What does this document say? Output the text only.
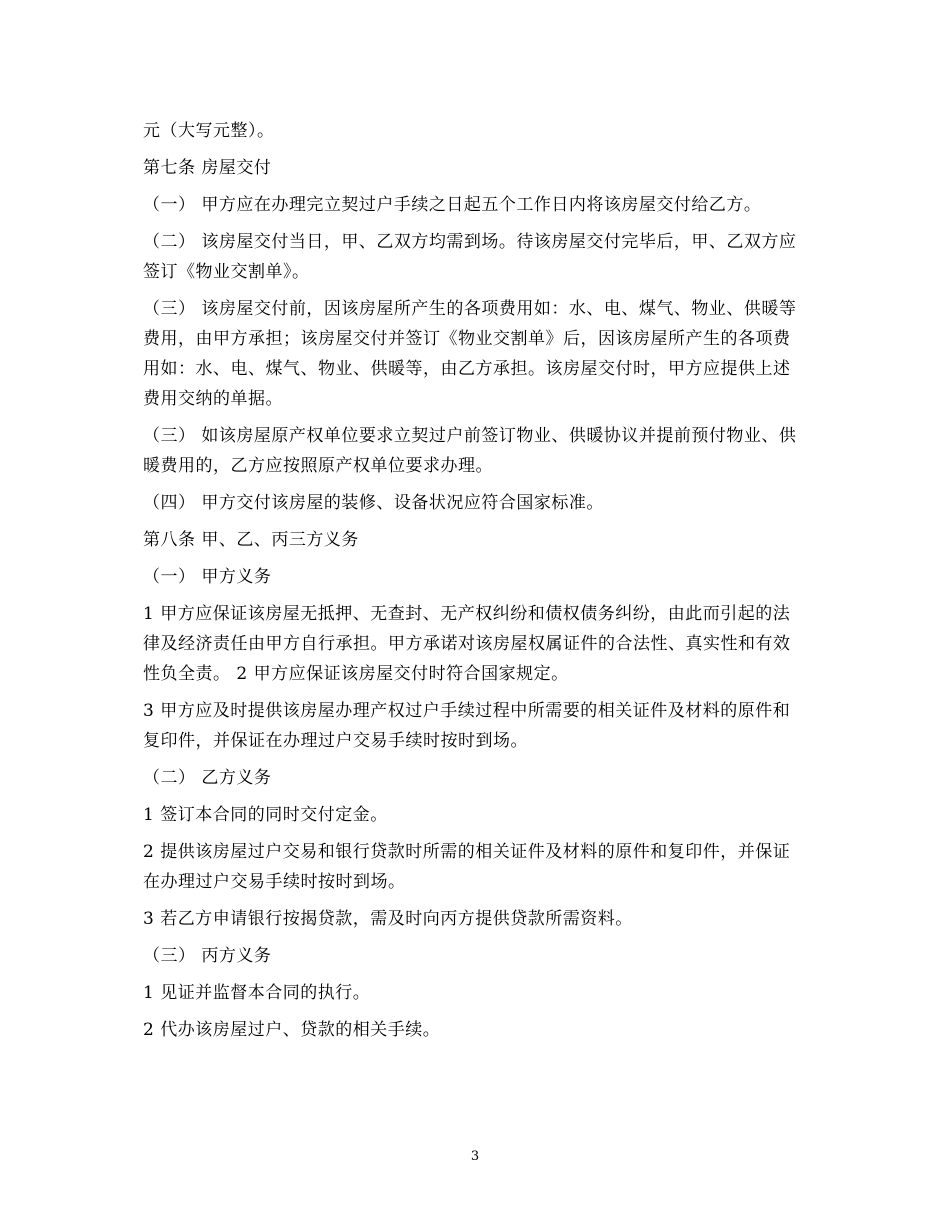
元（大写元整）。

第七条 房屋交付

（一） 甲方应在办理完立契过户手续之日起五个工作日内将该房屋交付给乙方。

（二） 该房屋交付当日，甲、乙双方均需到场。待该房屋交付完毕后，甲、乙双方应签订《物业交割单》。

（三） 该房屋交付前，因该房屋所产生的各项费用如：水、电、煤气、物业、供暖等费用，由甲方承担；该房屋交付并签订《物业交割单》后，因该房屋所产生的各项费用如：水、电、煤气、物业、供暖等，由乙方承担。该房屋交付时，甲方应提供上述费用交纳的单据。

（三） 如该房屋原产权单位要求立契过户前签订物业、供暖协议并提前预付物业、供暖费用的，乙方应按照原产权单位要求办理。

（四） 甲方交付该房屋的装修、设备状况应符合国家标准。

第八条 甲、乙、丙三方义务

（一） 甲方义务

1 甲方应保证该房屋无抵押、无查封、无产权纠纷和债权债务纠纷，由此而引起的法律及经济责任由甲方自行承担。甲方承诺对该房屋权属证件的合法性、真实性和有效性负全责。 2 甲方应保证该房屋交付时符合国家规定。

3 甲方应及时提供该房屋办理产权过户手续过程中所需要的相关证件及材料的原件和复印件，并保证在办理过户交易手续时按时到场。

（二） 乙方义务

1 签订本合同的同时交付定金。

2 提供该房屋过户交易和银行贷款时所需的相关证件及材料的原件和复印件，并保证在办理过户交易手续时按时到场。

3 若乙方申请银行按揭贷款，需及时向丙方提供贷款所需资料。

（三） 丙方义务

1 见证并监督本合同的执行。

2 代办该房屋过户、贷款的相关手续。

3
